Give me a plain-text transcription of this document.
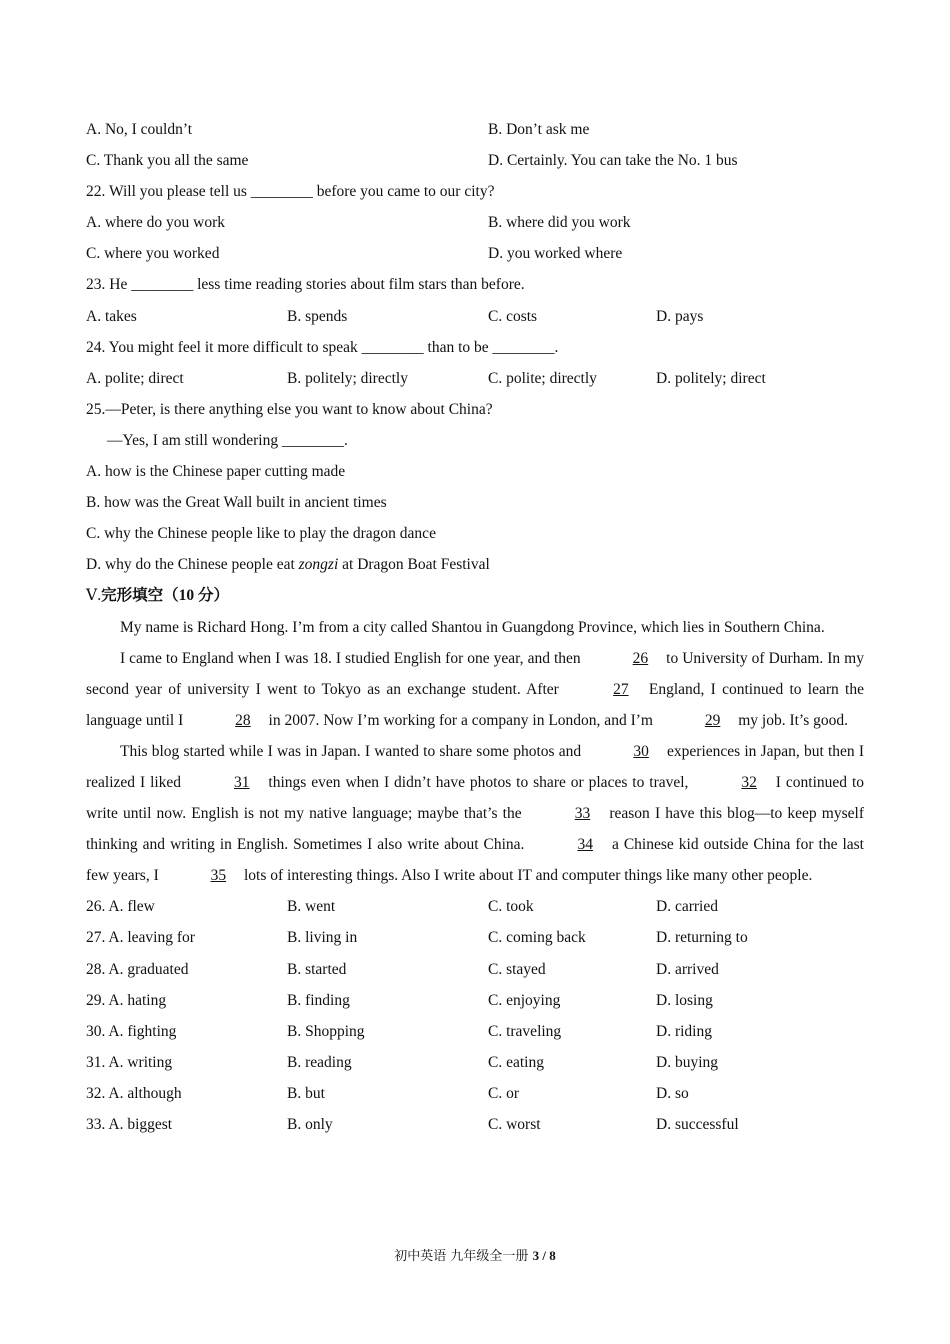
A. No, I couldn’t	B. Don’t ask me
C. Thank you all the same	D. Certainly. You can take the No. 1 bus
22. Will you please tell us ________ before you came to our city?
A. where do you work	B. where did you work
C. where you worked	D. you worked where
23. He ________ less time reading stories about film stars than before.
A. takes	B. spends	C. costs	D. pays
24. You might feel it more difficult to speak ________ than to be ________.
A. polite; direct	B. politely; directly	C. polite; directly	D. politely; direct
25.—Peter, is there anything else you want to know about China?
—Yes, I am still wondering ________.
A. how is the Chinese paper cutting made
B. how was the Great Wall built in ancient times
C. why the Chinese people like to play the dragon dance
D. why do the Chinese people eat zongzi at Dragon Boat Festival
Ⅴ.完形填空（10 分）
My name is Richard Hong. I’m from a city called Shantou in Guangdong Province, which lies in Southern China.
I came to England when I was 18. I studied English for one year, and then	26 to University of Durham. In my second year of university I went to Tokyo as an exchange student. After	27 England, I continued to learn the language until I	28 in 2007. Now I’m working for a company in London, and I’m	29 my job. It’s good.
This blog started while I was in Japan. I wanted to share some photos and	30 experiences in Japan, but then I realized I liked	31 things even when I didn’t have photos to share or places to travel,	32 I continued to write until now. English is not my native language; maybe that’s the	33 reason I have this blog—to keep myself thinking and writing in English. Sometimes I also write about China.	34 a Chinese kid outside China for the last few years, I	35 lots of interesting things. Also I write about IT and computer things like many other people.
26. A. flew	B. went	C. took	D. carried
27. A. leaving for	B. living in	C. coming back	D. returning to
28. A. graduated	B. started	C. stayed	D. arrived
29. A. hating	B. finding	C. enjoying	D. losing
30. A. fighting	B. Shopping	C. traveling	D. riding
31. A. writing	B. reading	C. eating	D. buying
32. A. although	B. but	C. or	D. so
33. A. biggest	B. only	C. worst	D. successful
初中英语 九年级全一册 3 / 8
